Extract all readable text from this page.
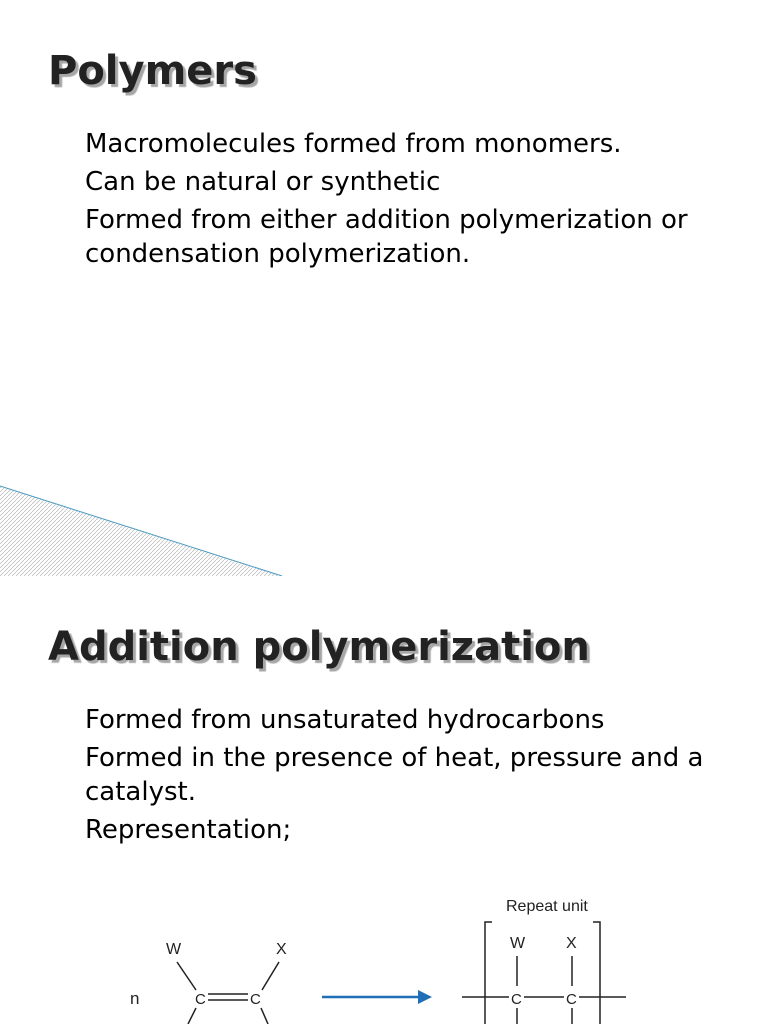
Polymers
Macromolecules formed from monomers.
Can be natural or synthetic
Formed from either addition polymerization or condensation polymerization.
Addition polymerization
Formed from unsaturated hydrocarbons
Formed in the presence of heat, pressure and a catalyst.
Representation;
n
W	X
C	C
Repeat unit
W	X
C	C
